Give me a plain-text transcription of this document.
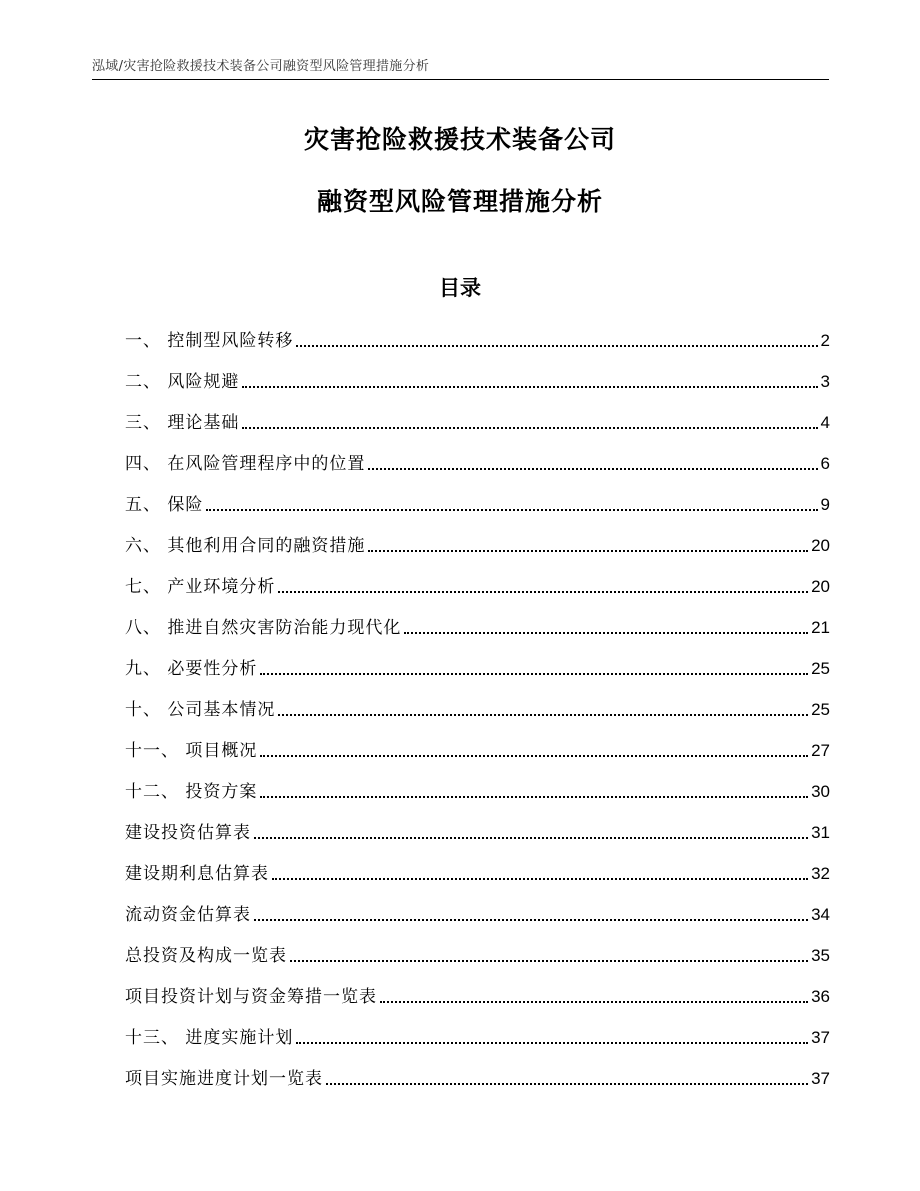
泓域/灾害抢险救援技术装备公司融资型风险管理措施分析
灾害抢险救援技术装备公司
融资型风险管理措施分析
目录
一、 控制型风险转移	2
二、 风险规避	3
三、 理论基础	4
四、 在风险管理程序中的位置	6
五、 保险	9
六、 其他利用合同的融资措施	20
七、 产业环境分析	20
八、 推进自然灾害防治能力现代化	21
九、 必要性分析	25
十、 公司基本情况	25
十一、 项目概况	27
十二、 投资方案	30
建设投资估算表	31
建设期利息估算表	32
流动资金估算表	34
总投资及构成一览表	35
项目投资计划与资金筹措一览表	36
十三、 进度实施计划	37
项目实施进度计划一览表	37
